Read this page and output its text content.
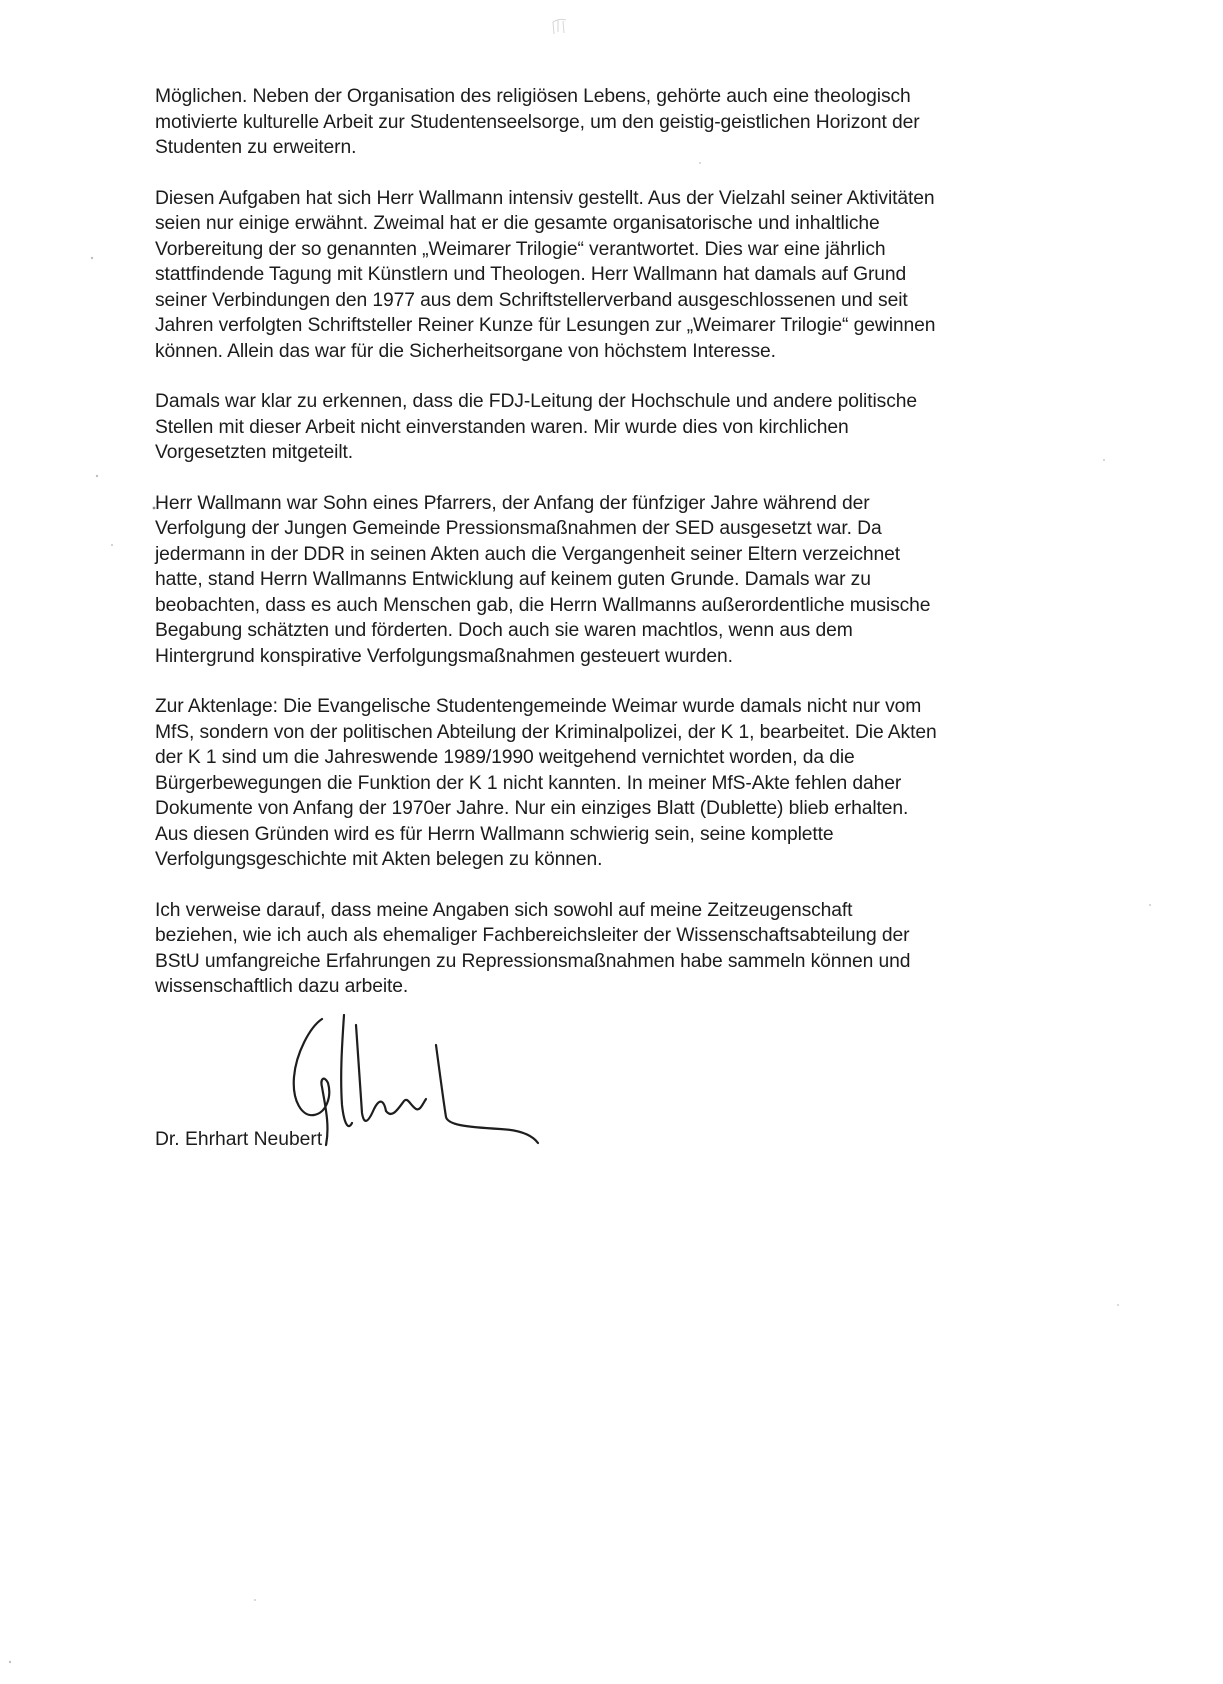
Möglichen. Neben der Organisation des religiösen Lebens, gehörte auch eine theologisch
motivierte kulturelle Arbeit zur Studentenseelsorge, um den geistig-geistlichen Horizont der
Studenten zu erweitern.

Diesen Aufgaben hat sich Herr Wallmann intensiv gestellt. Aus der Vielzahl seiner Aktivitäten
seien nur einige erwähnt. Zweimal hat er die gesamte organisatorische und inhaltliche
Vorbereitung der so genannten „Weimarer Trilogie“ verantwortet. Dies war eine jährlich
stattfindende Tagung mit Künstlern und Theologen. Herr Wallmann hat damals auf Grund
seiner Verbindungen den 1977 aus dem Schriftstellerverband ausgeschlossenen und seit
Jahren verfolgten Schriftsteller Reiner Kunze für Lesungen zur „Weimarer Trilogie“ gewinnen
können. Allein das war für die Sicherheitsorgane von höchstem Interesse.

Damals war klar zu erkennen, dass die FDJ-Leitung der Hochschule und andere politische
Stellen mit dieser Arbeit nicht einverstanden waren. Mir wurde dies von kirchlichen
Vorgesetzten mitgeteilt.

Herr Wallmann war Sohn eines Pfarrers, der Anfang der fünfziger Jahre während der
Verfolgung der Jungen Gemeinde Pressionsmaßnahmen der SED ausgesetzt war. Da
jedermann in der DDR in seinen Akten auch die Vergangenheit seiner Eltern verzeichnet
hatte, stand Herrn Wallmanns Entwicklung auf keinem guten Grunde. Damals war zu
beobachten, dass es auch Menschen gab, die Herrn Wallmanns außerordentliche musische
Begabung schätzten und förderten. Doch auch sie waren machtlos, wenn aus dem
Hintergrund konspirative Verfolgungsmaßnahmen gesteuert wurden.

Zur Aktenlage: Die Evangelische Studentengemeinde Weimar wurde damals nicht nur vom
MfS, sondern von der politischen Abteilung der Kriminalpolizei, der K 1, bearbeitet. Die Akten
der K 1 sind um die Jahreswende 1989/1990 weitgehend vernichtet worden, da die
Bürgerbewegungen die Funktion der K 1 nicht kannten. In meiner MfS-Akte fehlen daher
Dokumente von Anfang der 1970er Jahre. Nur ein einziges Blatt (Dublette) blieb erhalten.
Aus diesen Gründen wird es für Herrn Wallmann schwierig sein, seine komplette
Verfolgungsgeschichte mit Akten belegen zu können.

Ich verweise darauf, dass meine Angaben sich sowohl auf meine Zeitzeugenschaft
beziehen, wie ich auch als ehemaliger Fachbereichsleiter der Wissenschaftsabteilung der
BStU umfangreiche Erfahrungen zu Repressionsmaßnahmen habe sammeln können und
wissenschaftlich dazu arbeite.

Dr. Ehrhart Neubert
